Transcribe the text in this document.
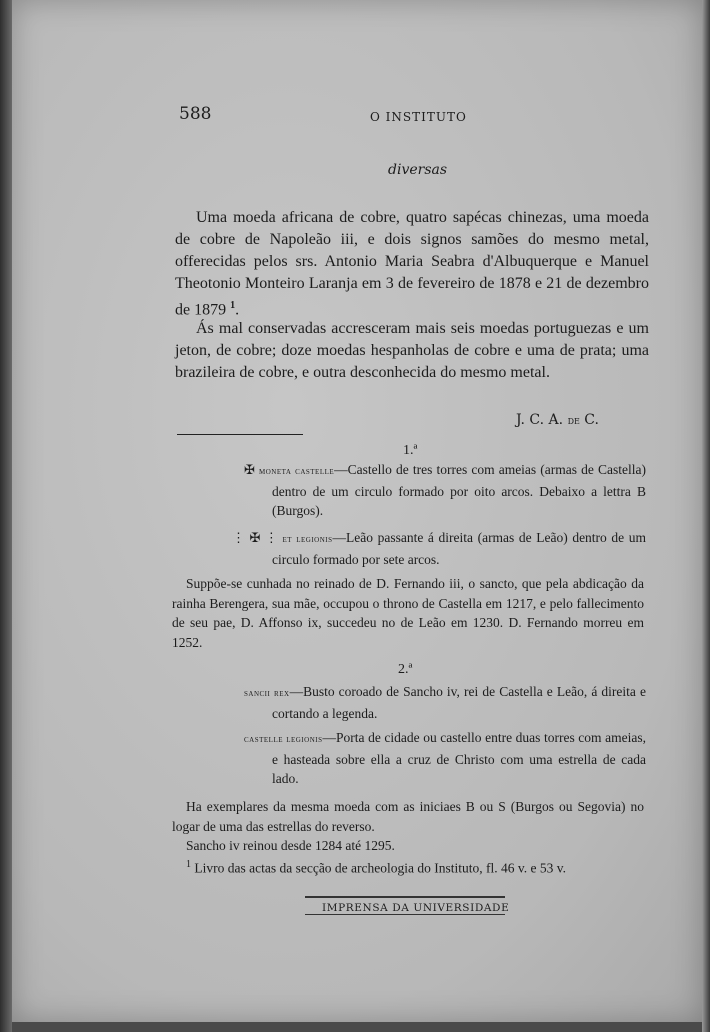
588	O INSTITUTO
diversas

Uma moeda africana de cobre, quatro sapécas chinezas, uma moeda de cobre de Napoleão iii, e dois signos samões do mesmo metal, offerecidas pelos srs. Antonio Maria Seabra d'Albuquerque e Manuel Theotonio Monteiro Laranja em 3 de fevereiro de 1878 e 21 de dezembro de 1879 $^1$.

Ás mal conservadas accresceram mais seis moedas portuguezas e um jeton, de cobre; doze moedas hespanholas de cobre e uma de prata; uma brazileira de cobre, e outra desconhecida do mesmo metal.

J. C. A. de C.
1.ª

✠ moneta castelle—Castello de tres torres com ameias (armas de Castella) dentro de um circulo formado por oito arcos. Debaixo a lettra B (Burgos).

⋮ ✠ ⋮ et legionis—Leão passante á direita (armas de Leão) dentro de um circulo formado por sete arcos.

Suppõe-se cunhada no reinado de D. Fernando iii, o sancto, que pela abdicação da rainha Berengera, sua mãe, occupou o throno de Castella em 1217, e pelo fallecimento de seu pae, D. Affonso ix, succedeu no de Leão em 1230. D. Fernando morreu em 1252.

2.ª

sancii rex—Busto coroado de Sancho iv, rei de Castella e Leão, á direita e cortando a legenda.

castelle legionis—Porta de cidade ou castello entre duas torres com ameias, e hasteada sobre ella a cruz de Christo com uma estrella de cada lado.

Ha exemplares da mesma moeda com as iniciaes B ou S (Burgos ou Segovia) no logar de uma das estrellas do reverso.

Sancho iv reinou desde 1284 até 1295.

$^1$ Livro das actas da secção de archeologia do Instituto, fl. 46 v. e 53 v.

IMPRENSA DA UNIVERSIDADE
